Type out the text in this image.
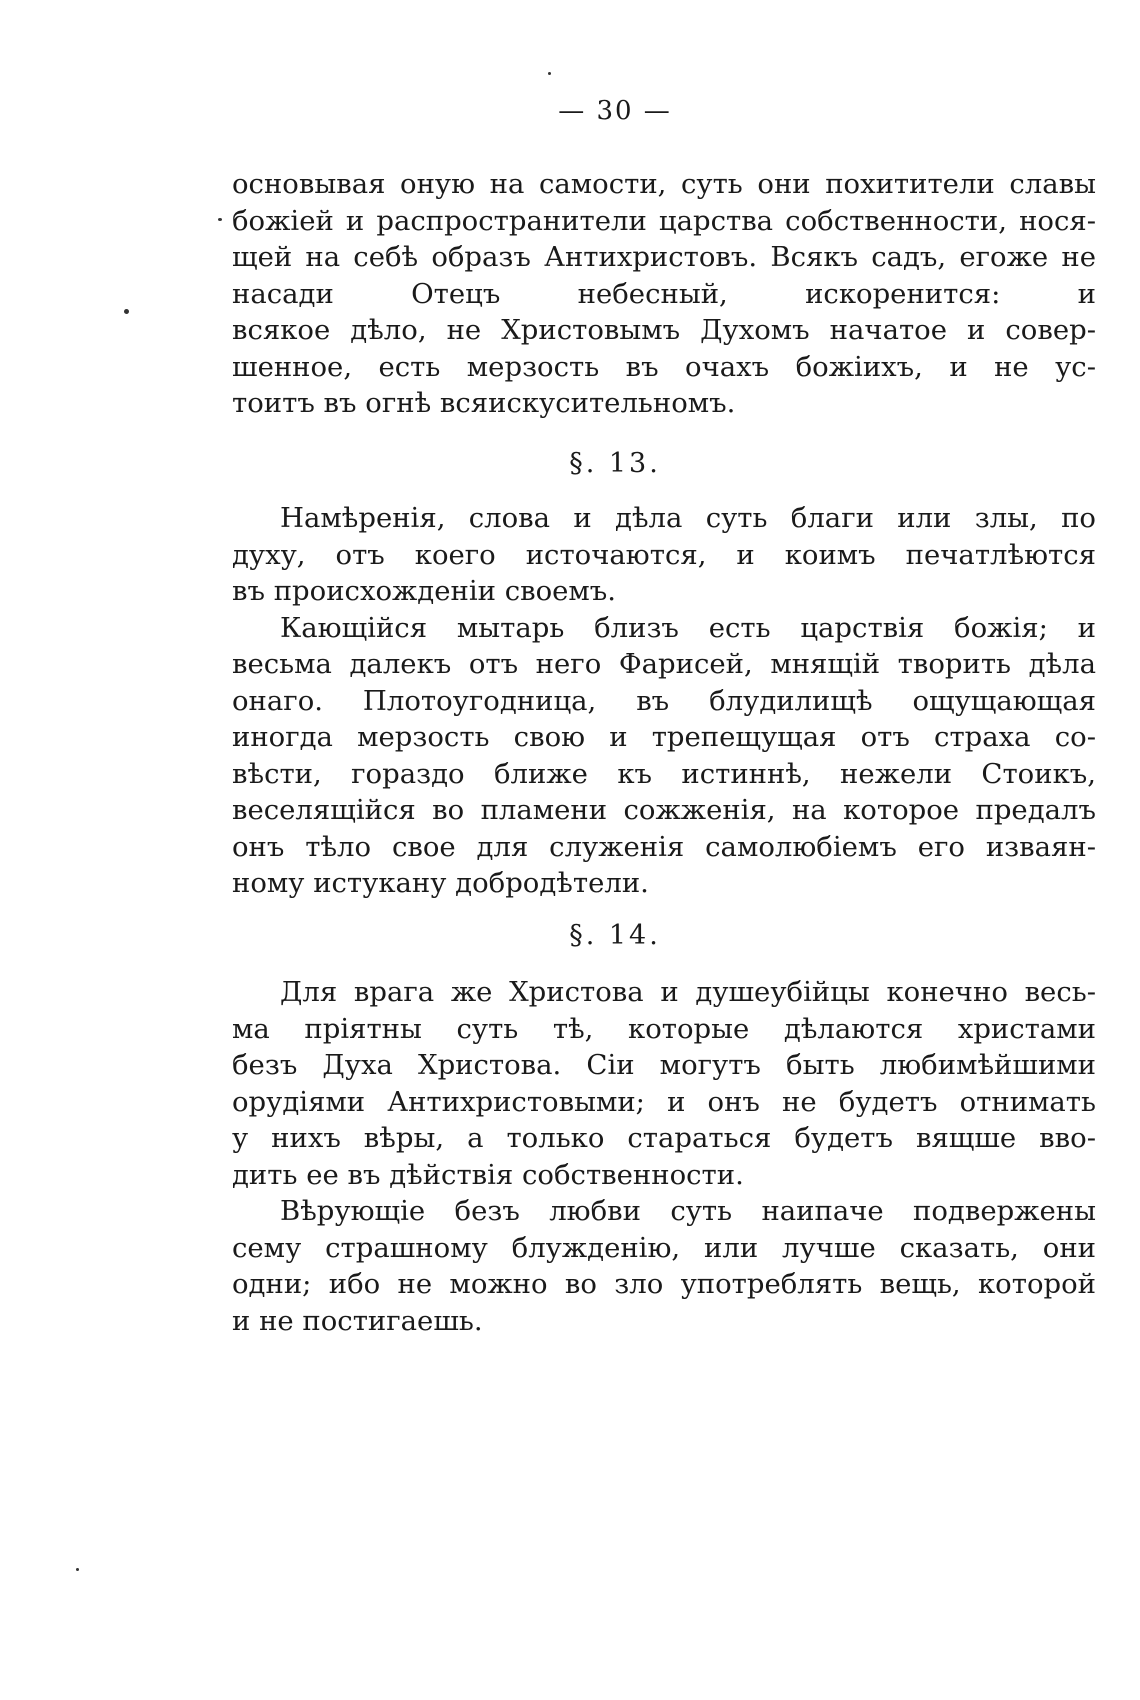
— 30 —
основывая оную на самости, суть они похитители славы
божіей и распространители царства собственности, нося-
щей на себѣ образъ Антихристовъ. Всякъ садъ, егоже не
насади Отецъ небесный, искоренится: и
всякое дѣло, не Христовымъ Духомъ начатое и совер-
шенное, есть мерзость въ очахъ божіихъ, и не ус-
тоитъ въ огнѣ всяискусительномъ.
§. 13.
Намѣренія, слова и дѣла суть благи или злы, по
духу, отъ коего источаются, и коимъ печатлѣются
въ происхожденіи своемъ.
Кающійся мытарь близъ есть царствія божія; и
весьма далекъ отъ него Фарисей, мнящій творить дѣла
онаго. Плотоугодница, въ блудилищѣ ощущающая
иногда мерзость свою и трепещущая отъ страха со-
вѣсти, гораздо ближе къ истиннѣ, нежели Стоикъ,
веселящійся во пламени сожженія, на которое предалъ
онъ тѣло свое для служенія самолюбіемъ его изваян-
ному истукану добродѣтели.
§. 14.
Для врага же Христова и душеубійцы конечно весь-
ма пріятны суть тѣ, которые дѣлаются христами
безъ Духа Христова. Сіи могутъ быть любимѣйшими
орудіями Антихристовыми; и онъ не будетъ отнимать
у нихъ вѣры, а только стараться будетъ вящше вво-
дить ее въ дѣйствія собственности.
Вѣрующіе безъ любви суть наипаче подвержены
сему страшному блужденію, или лучше сказать, они
одни; ибо не можно во зло употреблять вещь, которой
и не постигаешь.
